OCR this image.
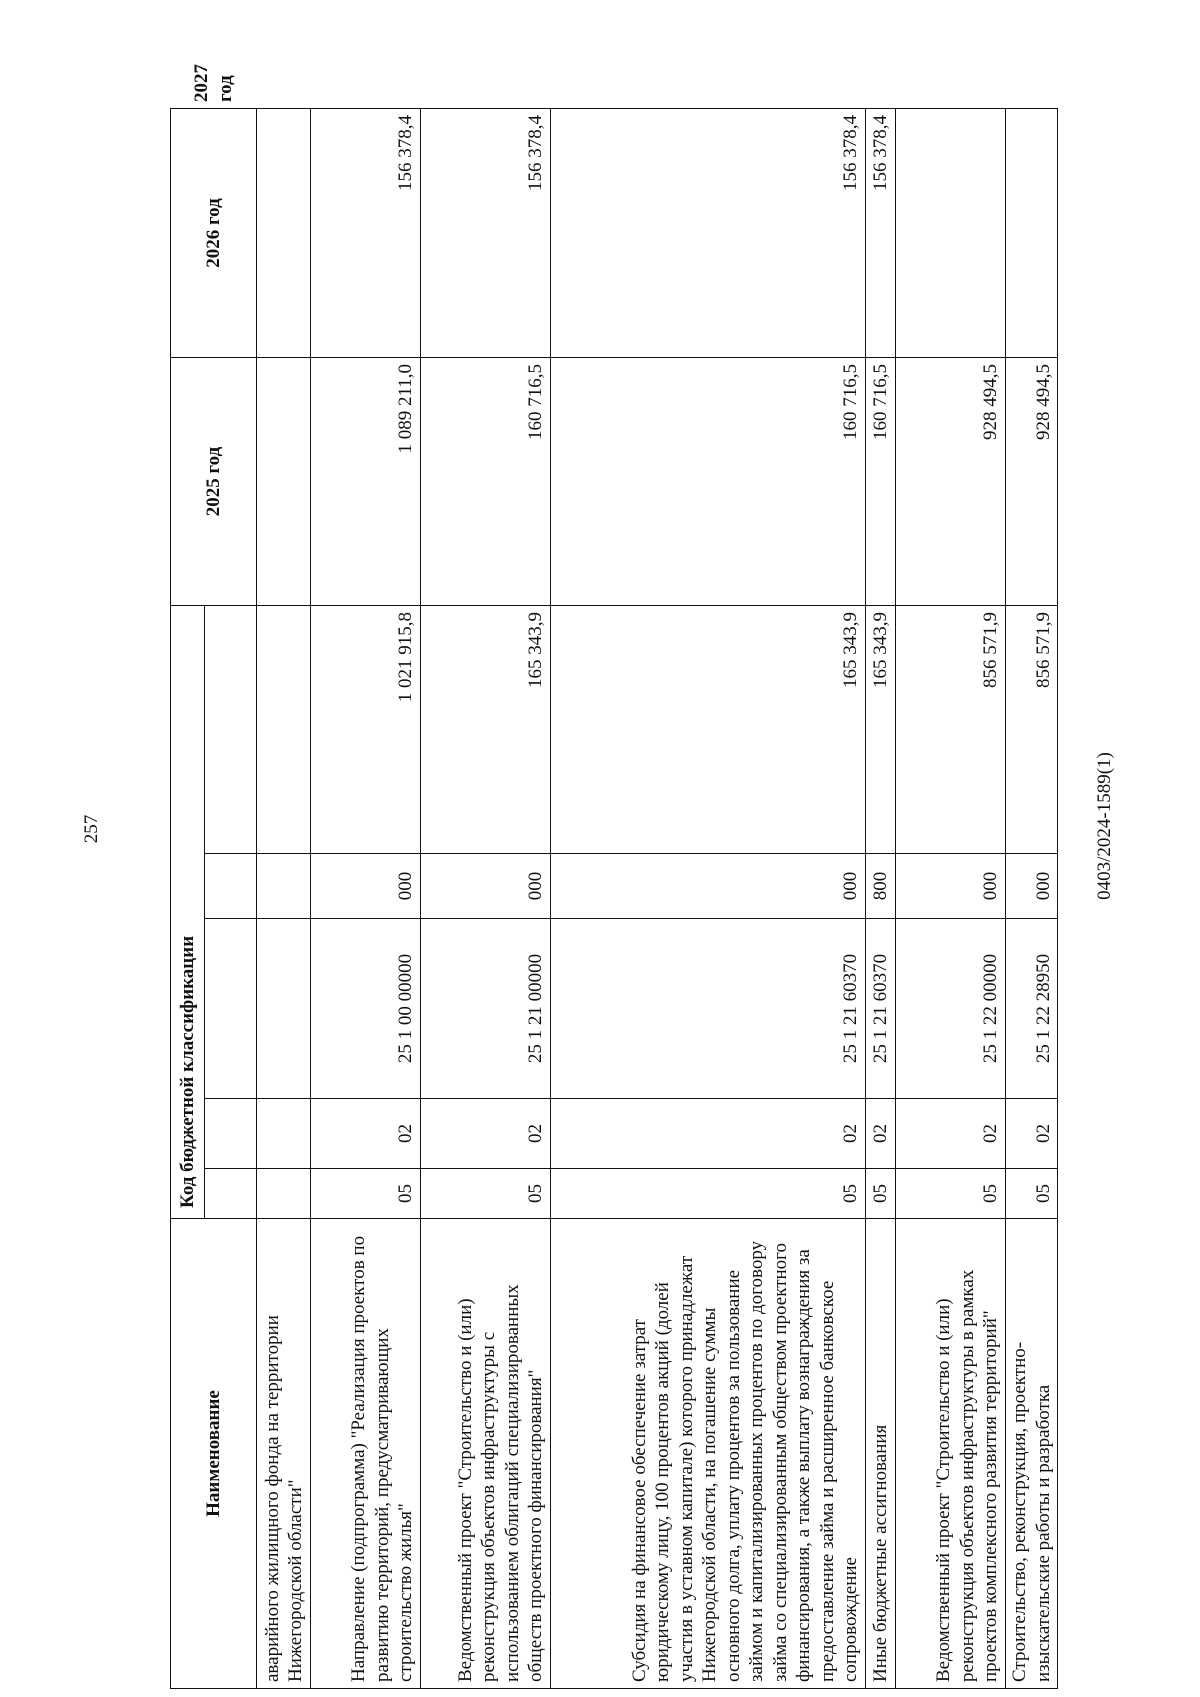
257
Наименование	Код бюджетной классификации					2025 год	2026 год	2027 год

аварийного жилищного фонда на территории Нижегородской области"								
Направление (подпрограмма) "Реализация проектов по развитию территорий, предусматривающих строительство жилья"	05	02	25 1 00 00000	000	1 021 915,8	1 089 211,0	156 378,4	
Ведомственный проект "Строительство и (или) реконструкция объектов инфраструктуры с использованием облигаций специализированных обществ проектного финансирования"	05	02	25 1 21 00000	000	165 343,9	160 716,5	156 378,4	
Субсидия на финансовое обеспечение затрат юридическому лицу, 100 процентов акций (долей участия в уставном капитале) которого принадлежат Нижегородской области, на погашение суммы основного долга, уплату процентов за пользование займом и капитализированных процентов по договору займа со специализированным обществом проектного финансирования, а также выплату вознаграждения за предоставление займа и расширенное банковское сопровождение	05	02	25 1 21 60370	000	165 343,9	160 716,5	156 378,4	
Иные бюджетные ассигнования	05	02	25 1 21 60370	800	165 343,9	160 716,5	156 378,4	
Ведомственный проект "Строительство и (или) реконструкция объектов инфраструктуры в рамках проектов комплексного развития территорий"	05	02	25 1 22 00000	000	856 571,9	928 494,5		
Строительство, реконструкция, проектно-изыскательские работы и разработка	05	02	25 1 22 28950	000	856 571,9	928 494,5		
0403/2024-1589(1)
